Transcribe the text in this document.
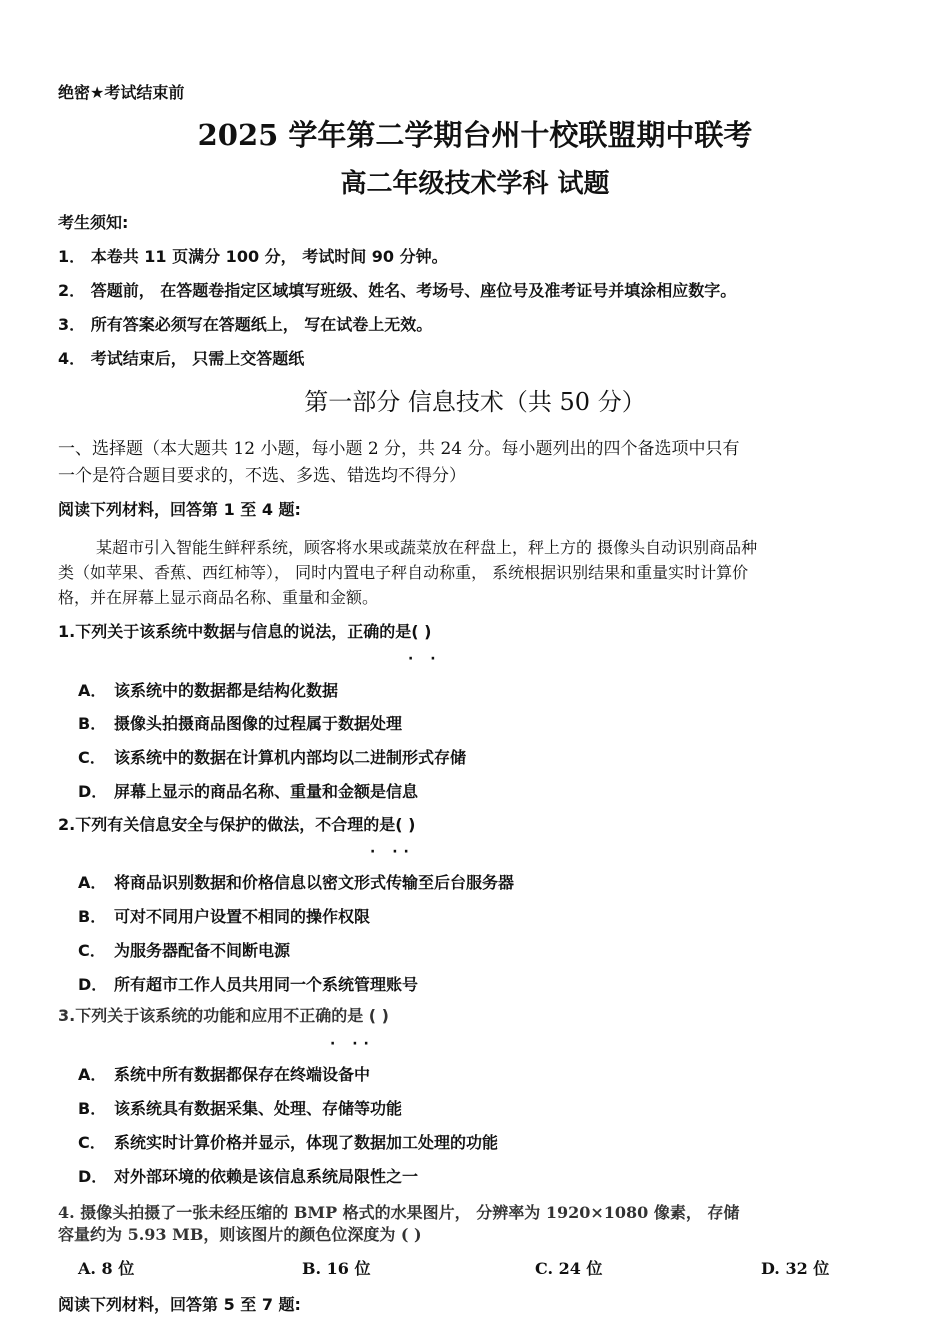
绝密★考试结束前
2025 学年第二学期台州十校联盟期中联考
高二年级技术学科 试题
考生须知:
1． 本卷共 11 页满分 100 分， 考试时间 90 分钟。
2． 答题前， 在答题卷指定区域填写班级、姓名、考场号、座位号及准考证号并填涂相应数字。
3． 所有答案必须写在答题纸上， 写在试卷上无效。
4． 考试结束后， 只需上交答题纸
第一部分 信息技术（共 50 分）
一、选择题（本大题共 12 小题，每小题 2 分，共 24 分。每小题列出的四个备选项中只有
一个是符合题目要求的，不选、多选、错选均不得分）
阅读下列材料，回答第 1 至 4 题:
某超市引入智能生鲜秤系统，顾客将水果或蔬菜放在秤盘上，秤上方的 摄像头自动识别商品种
类（如苹果、香蕉、西红柿等）， 同时内置电子秤自动称重， 系统根据识别结果和重量实时计算价
格，并在屏幕上显示商品名称、重量和金额。
1.下列关于该系统中数据与信息的说法，正确的是( )
· ·
A． 该系统中的数据都是结构化数据
B． 摄像头拍摄商品图像的过程属于数据处理
C． 该系统中的数据在计算机内部均以二进制形式存储
D． 屏幕上显示的商品名称、重量和金额是信息
2.下列有关信息安全与保护的做法，不合理的是( )
· ··
A． 将商品识别数据和价格信息以密文形式传输至后台服务器
B． 可对不同用户设置不相同的操作权限
C． 为服务器配备不间断电源
D． 所有超市工作人员共用同一个系统管理账号
3.下列关于该系统的功能和应用不正确的是 ( )
· ··
A． 系统中所有数据都保存在终端设备中
B． 该系统具有数据采集、处理、存储等功能
C． 系统实时计算价格并显示，体现了数据加工处理的功能
D． 对外部环境的依赖是该信息系统局限性之一
4. 摄像头拍摄了一张未经压缩的 BMP 格式的水果图片， 分辨率为 1920×1080 像素， 存储
容量约为 5.93 MB，则该图片的颜色位深度为 ( )
A. 8 位	B. 16 位	C. 24 位	D. 32 位
阅读下列材料，回答第 5 至 7 题:
